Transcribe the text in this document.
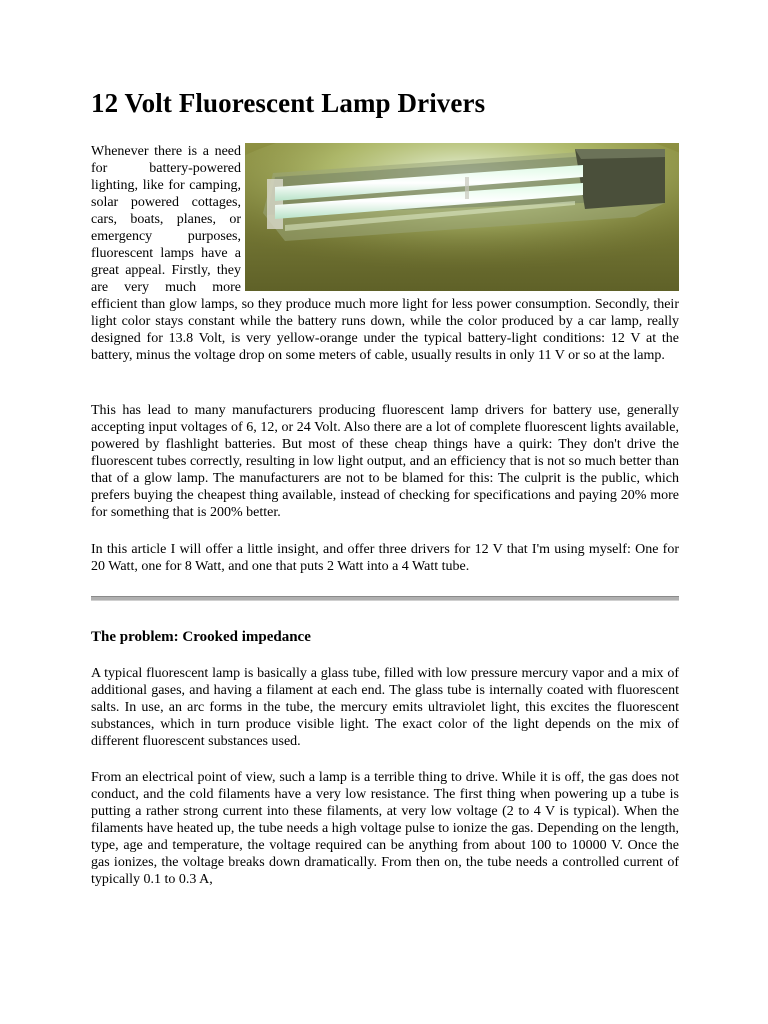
12 Volt Fluorescent Lamp Drivers

Whenever there is a need for battery-powered lighting, like for camping, solar powered cottages, cars, boats, planes, or emergency purposes, fluorescent lamps have a great appeal. Firstly, they are very much more efficient than glow lamps, so they produce much more light for less power consumption. Secondly, their light color stays constant while the battery runs down, while the color produced by a car lamp, really designed for 13.8 Volt, is very yellow-orange under the typical battery-light conditions: 12 V at the battery, minus the voltage drop on some meters of cable, usually results in only 11 V or so at the lamp.

This has lead to many manufacturers producing fluorescent lamp drivers for battery use, generally accepting input voltages of 6, 12, or 24 Volt. Also there are a lot of complete fluorescent lights available, powered by flashlight batteries. But most of these cheap things have a quirk: They don't drive the fluorescent tubes correctly, resulting in low light output, and an efficiency that is not so much better than that of a glow lamp. The manufacturers are not to be blamed for this: The culprit is the public, which prefers buying the cheapest thing available, instead of checking for specifications and paying 20% more for something that is 200% better.

In this article I will offer a little insight, and offer three drivers for 12 V that I'm using myself: One for 20 Watt, one for 8 Watt, and one that puts 2 Watt into a 4 Watt tube.

The problem: Crooked impedance

A typical fluorescent lamp is basically a glass tube, filled with low pressure mercury vapor and a mix of additional gases, and having a filament at each end. The glass tube is internally coated with fluorescent salts. In use, an arc forms in the tube, the mercury emits ultraviolet light, this excites the fluorescent substances, which in turn produce visible light. The exact color of the light depends on the mix of different fluorescent substances used.

From an electrical point of view, such a lamp is a terrible thing to drive. While it is off, the gas does not conduct, and the cold filaments have a very low resistance. The first thing when powering up a tube is putting a rather strong current into these filaments, at very low voltage (2 to 4 V is typical). When the filaments have heated up, the tube needs a high voltage pulse to ionize the gas. Depending on the length, type, age and temperature, the voltage required can be anything from about 100 to 10000 V. Once the gas ionizes, the voltage breaks down dramatically. From then on, the tube needs a controlled current of typically 0.1 to 0.3 A,
